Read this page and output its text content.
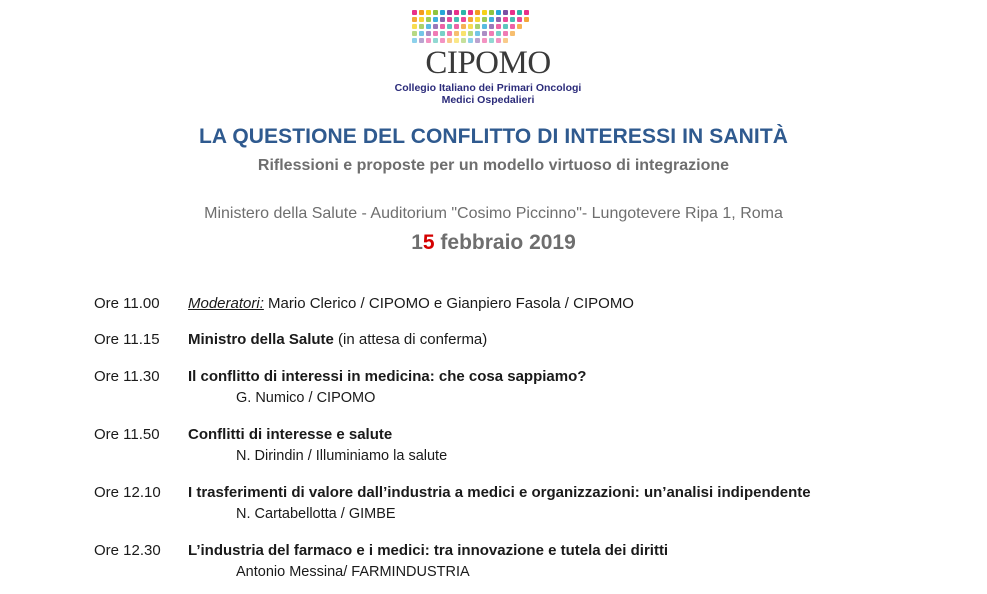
CIPOMO
Collegio Italiano dei Primari Oncologi
Medici Ospedalieri
LA QUESTIONE DEL CONFLITTO DI INTERESSI IN SANITÀ
Riflessioni e proposte per un modello virtuoso di integrazione
Ministero della Salute - Auditorium "Cosimo Piccinno"- Lungotevere Ripa 1, Roma
15 febbraio 2019
Ore 11.00	Moderatori: Mario Clerico / CIPOMO e Gianpiero Fasola / CIPOMO
Ore 11.15	Ministro della Salute (in attesa di conferma)
Ore 11.30	Il conflitto di interessi in medicina: che cosa sappiamo?
G. Numico / CIPOMO
Ore 11.50	Conflitti di interesse e salute
N. Dirindin / Illuminiamo la salute
Ore 12.10	I trasferimenti di valore dall’industria a medici e organizzazioni: un’analisi indipendente
N. Cartabellotta / GIMBE
Ore 12.30	L’industria del farmaco e i medici: tra innovazione e tutela dei diritti
Antonio Messina/ FARMINDUSTRIA
